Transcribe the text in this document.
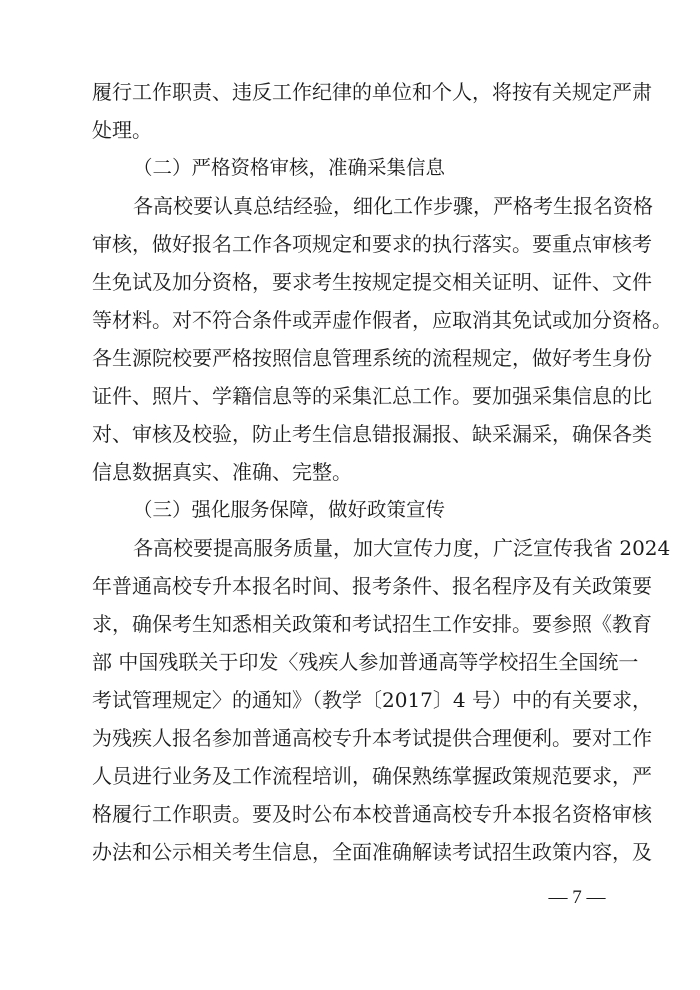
履行工作职责、违反工作纪律的单位和个人，将按有关规定严肃
处理。
（二）严格资格审核，准确采集信息
各高校要认真总结经验，细化工作步骤，严格考生报名资格
审核，做好报名工作各项规定和要求的执行落实。要重点审核考
生免试及加分资格，要求考生按规定提交相关证明、证件、文件
等材料。对不符合条件或弄虚作假者，应取消其免试或加分资格。
各生源院校要严格按照信息管理系统的流程规定，做好考生身份
证件、照片、学籍信息等的采集汇总工作。要加强采集信息的比
对、审核及校验，防止考生信息错报漏报、缺采漏采，确保各类
信息数据真实、准确、完整。
（三）强化服务保障，做好政策宣传
各高校要提高服务质量，加大宣传力度，广泛宣传我省 2024
年普通高校专升本报名时间、报考条件、报名程序及有关政策要
求，确保考生知悉相关政策和考试招生工作安排。要参照《教育
部 中国残联关于印发〈残疾人参加普通高等学校招生全国统一
考试管理规定〉的通知》（教学〔2017〕4 号）中的有关要求，
为残疾人报名参加普通高校专升本考试提供合理便利。要对工作
人员进行业务及工作流程培训，确保熟练掌握政策规范要求，严
格履行工作职责。要及时公布本校普通高校专升本报名资格审核
办法和公示相关考生信息，全面准确解读考试招生政策内容，及
— 7 —
